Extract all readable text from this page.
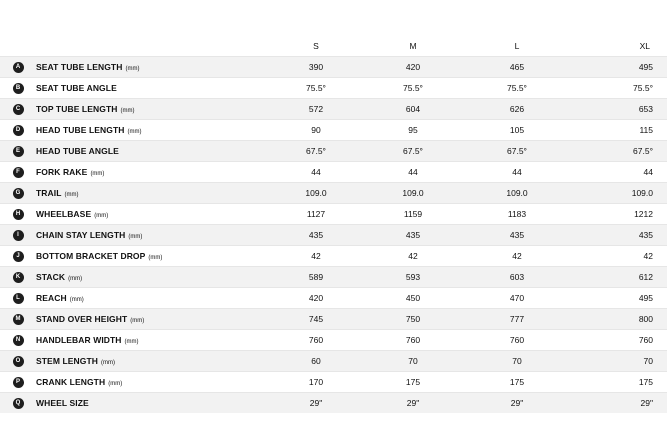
		S	M	L	XL
A	SEAT TUBE LENGTH (mm)	390	420	465	495
B	SEAT TUBE ANGLE	75.5°	75.5°	75.5°	75.5°
C	TOP TUBE LENGTH (mm)	572	604	626	653
D	HEAD TUBE LENGTH (mm)	90	95	105	115
E	HEAD TUBE ANGLE	67.5°	67.5°	67.5°	67.5°
F	FORK RAKE (mm)	44	44	44	44
G	TRAIL (mm)	109.0	109.0	109.0	109.0
H	WHEELBASE (mm)	1127	1159	1183	1212
I	CHAIN STAY LENGTH (mm)	435	435	435	435
J	BOTTOM BRACKET DROP (mm)	42	42	42	42
K	STACK (mm)	589	593	603	612
L	REACH (mm)	420	450	470	495
M	STAND OVER HEIGHT (mm)	745	750	777	800
N	HANDLEBAR WIDTH (mm)	760	760	760	760
O	STEM LENGTH (mm)	60	70	70	70
P	CRANK LENGTH (mm)	170	175	175	175
Q	WHEEL SIZE	29"	29"	29"	29"
